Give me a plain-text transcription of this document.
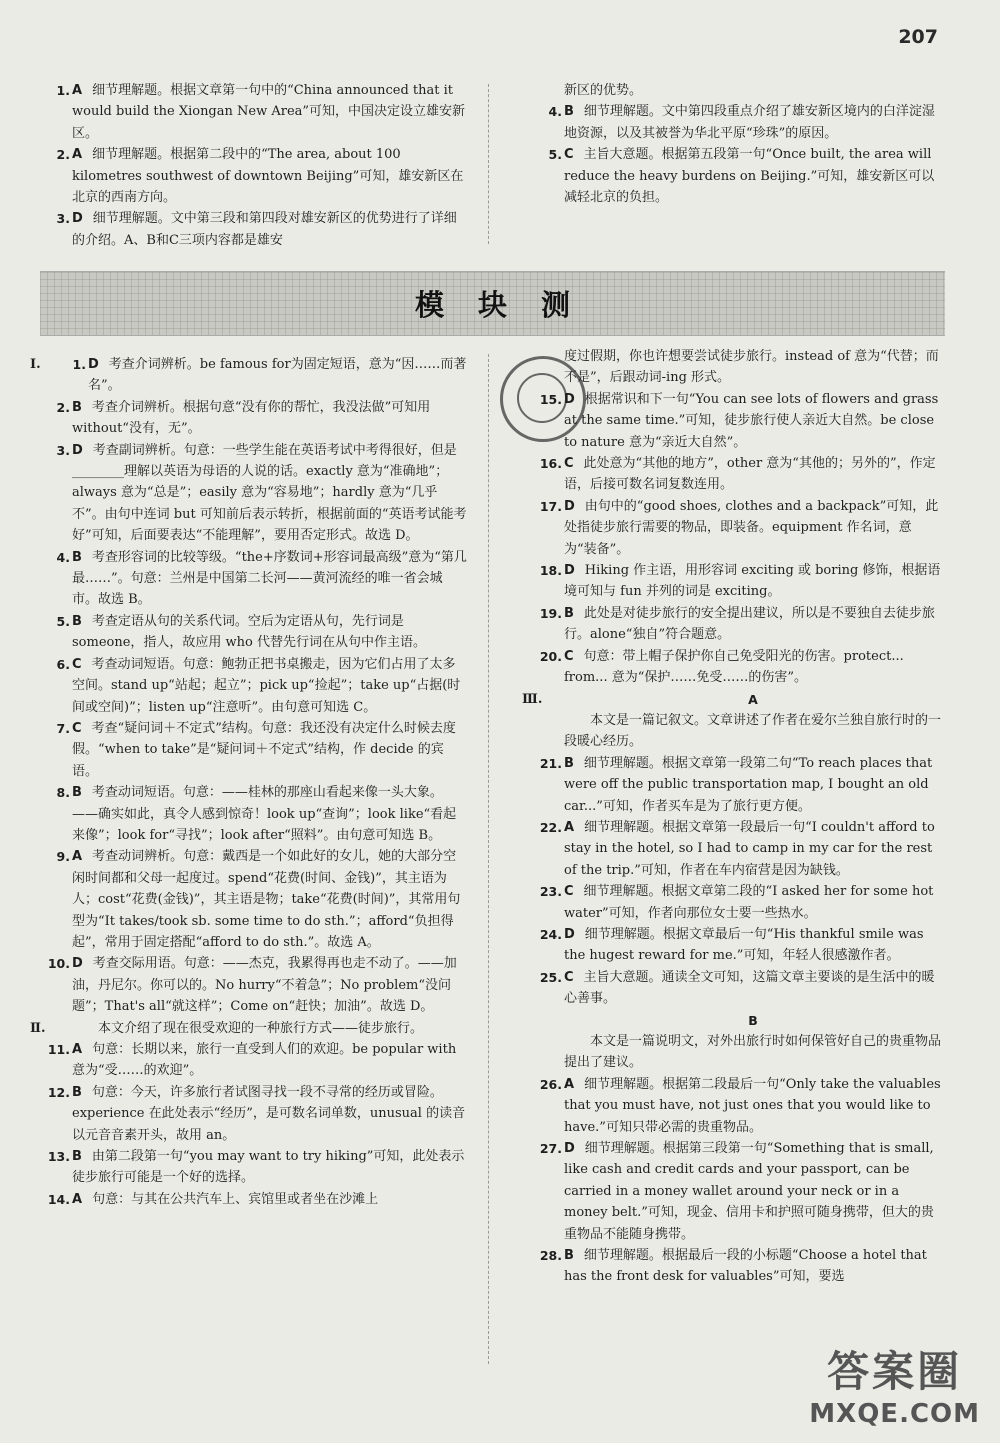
207
1. A 细节理解题。根据文章第一句中的“China announced that it would build the Xiongan New Area”可知，中国决定设立雄安新区。
2. A 细节理解题。根据第二段中的“The area, about 100 kilometres southwest of downtown Beijing”可知，雄安新区在北京的西南方向。
3. D 细节理解题。文中第三段和第四段对雄安新区的优势进行了详细的介绍。A、B和C三项内容都是雄安
新区的优势。
4. B 细节理解题。文中第四段重点介绍了雄安新区境内的白洋淀湿地资源，以及其被誉为华北平原“珍珠”的原因。
5. C 主旨大意题。根据第五段第一句“Once built, the area will reduce the heavy burdens on Beijing.”可知，雄安新区可以减轻北京的负担。
模块测
Ⅰ.	1. D 考查介词辨析。be famous for为固定短语，意为“因……而著名”。
2. B 考查介词辨析。根据句意“没有你的帮忙，我没法做”可知用 without“没有，无”。
3. D 考查副词辨析。句意：一些学生能在英语考试中考得很好，但是________理解以英语为母语的人说的话。exactly 意为“准确地”；always 意为“总是”；easily 意为“容易地”；hardly 意为“几乎不”。由句中连词 but 可知前后表示转折，根据前面的“英语考试能考好”可知，后面要表达“不能理解”，要用否定形式。故选 D。
4. B 考查形容词的比较等级。“the+序数词+形容词最高级”意为“第几最……”。句意：兰州是中国第二长河——黄河流经的唯一省会城市。故选 B。
5. B 考查定语从句的关系代词。空后为定语从句，先行词是 someone，指人，故应用 who 代替先行词在从句中作主语。
6. C 考查动词短语。句意：鲍勃正把书桌搬走，因为它们占用了太多空间。stand up“站起；起立”；pick up“捡起”；take up“占据(时间或空间)”；listen up“注意听”。由句意可知选 C。
7. C 考查“疑问词＋不定式”结构。句意：我还没有决定什么时候去度假。“when to take”是“疑问词＋不定式”结构，作 decide 的宾语。
8. B 考查动词短语。句意：——桂林的那座山看起来像一头大象。——确实如此，真令人感到惊奇！look up“查询”；look like“看起来像”；look for“寻找”；look after“照料”。由句意可知选 B。
9. A 考查动词辨析。句意：戴西是一个如此好的女儿，她的大部分空闲时间都和父母一起度过。spend“花费(时间、金钱)”，其主语为人；cost“花费(金钱)”，其主语是物；take“花费(时间)”，其常用句型为“It takes/took sb. some time to do sth.”；afford“负担得起”，常用于固定搭配“afford to do sth.”。故选 A。
10. D 考查交际用语。句意：——杰克，我累得再也走不动了。——加油，丹尼尔。你可以的。No hurry“不着急”；No problem“没问题”；That's all“就这样”；Come on“赶快；加油”。故选 D。
Ⅱ.	本文介绍了现在很受欢迎的一种旅行方式——徒步旅行。
11. A 句意：长期以来，旅行一直受到人们的欢迎。be popular with 意为“受……的欢迎”。
12. B 句意：今天，许多旅行者试图寻找一段不寻常的经历或冒险。experience 在此处表示“经历”，是可数名词单数，unusual 的读音以元音音素开头，故用 an。
13. B 由第二段第一句“you may want to try hiking”可知，此处表示徒步旅行可能是一个好的选择。
14. A 句意：与其在公共汽车上、宾馆里或者坐在沙滩上
度过假期，你也许想要尝试徒步旅行。instead of 意为“代替；而不是”，后跟动词-ing 形式。
15. D 根据常识和下一句“You can see lots of flowers and grass at the same time.”可知，徒步旅行使人亲近大自然。be close to nature 意为“亲近大自然”。
16. C 此处意为“其他的地方”，other 意为“其他的；另外的”，作定语，后接可数名词复数连用。
17. D 由句中的“good shoes, clothes and a backpack”可知，此处指徒步旅行需要的物品，即装备。equipment 作名词，意为“装备”。
18. D Hiking 作主语，用形容词 exciting 或 boring 修饰，根据语境可知与 fun 并列的词是 exciting。
19. B 此处是对徒步旅行的安全提出建议，所以是不要独自去徒步旅行。alone“独自”符合题意。
20. C 句意：带上帽子保护你自己免受阳光的伤害。protect... from... 意为“保护……免受……的伤害”。
Ⅲ.	A
本文是一篇记叙文。文章讲述了作者在爱尔兰独自旅行时的一段暖心经历。
21. B 细节理解题。根据文章第一段第二句“To reach places that were off the public transportation map, I bought an old car...”可知，作者买车是为了旅行更方便。
22. A 细节理解题。根据文章第一段最后一句“I couldn't afford to stay in the hotel, so I had to camp in my car for the rest of the trip.”可知，作者在车内宿营是因为缺钱。
23. C 细节理解题。根据文章第二段的“I asked her for some hot water”可知，作者向那位女士要一些热水。
24. D 细节理解题。根据文章最后一句“His thankful smile was the hugest reward for me.”可知，年轻人很感激作者。
25. C 主旨大意题。通读全文可知，这篇文章主要谈的是生活中的暖心善事。
B
本文是一篇说明文，对外出旅行时如何保管好自己的贵重物品提出了建议。
26. A 细节理解题。根据第二段最后一句“Only take the valuables that you must have, not just ones that you would like to have.”可知只带必需的贵重物品。
27. D 细节理解题。根据第三段第一句“Something that is small, like cash and credit cards and your passport, can be carried in a money wallet around your neck or in a money belt.”可知，现金、信用卡和护照可随身携带，但大的贵重物品不能随身携带。
28. B 细节理解题。根据最后一段的小标题“Choose a hotel that has the front desk for valuables”可知，要选
答案圈
MXQE.COM
